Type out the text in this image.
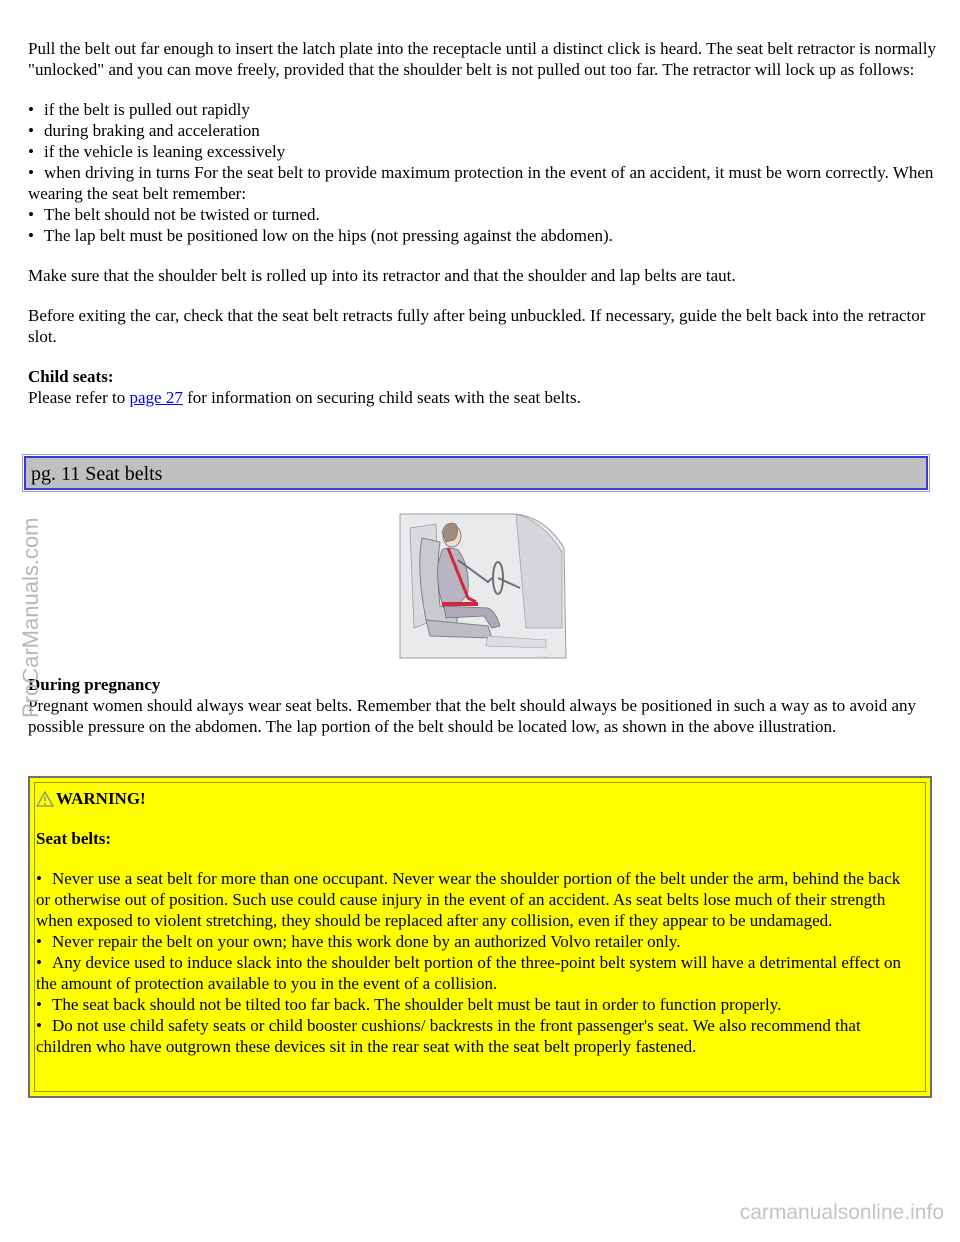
Pull the belt out far enough to insert the latch plate into the receptacle until a distinct click is heard. The seat belt retractor is normally "unlocked" and you can move freely, provided that the shoulder belt is not pulled out too far. The retractor will lock up as follows:

• if the belt is pulled out rapidly
• during braking and acceleration
• if the vehicle is leaning excessively
• when driving in turns For the seat belt to provide maximum protection in the event of an accident, it must be worn correctly. When wearing the seat belt remember:
• The belt should not be twisted or turned.
• The lap belt must be positioned low on the hips (not pressing against the abdomen).

Make sure that the shoulder belt is rolled up into its retractor and that the shoulder and lap belts are taut.

Before exiting the car, check that the seat belt retracts fully after being unbuckled. If necessary, guide the belt back into the retractor slot.

Child seats:
Please refer to page 27 for information on securing child seats with the seat belts.

pg. 11 Seat belts
·······
During pregnancy
Pregnant women should always wear seat belts. Remember that the belt should always be positioned in such a way as to avoid any possible pressure on the abdomen. The lap portion of the belt should be located low, as shown in the above illustration.
WARNING!

Seat belts:

• Never use a seat belt for more than one occupant. Never wear the shoulder portion of the belt under the arm, behind the back or otherwise out of position. Such use could cause injury in the event of an accident. As seat belts lose much of their strength when exposed to violent stretching, they should be replaced after any collision, even if they appear to be undamaged.
• Never repair the belt on your own; have this work done by an authorized Volvo retailer only.
• Any device used to induce slack into the shoulder belt portion of the three-point belt system will have a detrimental effect on the amount of protection available to you in the event of a collision.
• The seat back should not be tilted too far back. The shoulder belt must be taut in order to function properly.
• Do not use child safety seats or child booster cushions/ backrests in the front passenger's seat. We also recommend that children who have outgrown these devices sit in the rear seat with the seat belt properly fastened.
ProCarManuals.com
carmanualsonline.info
